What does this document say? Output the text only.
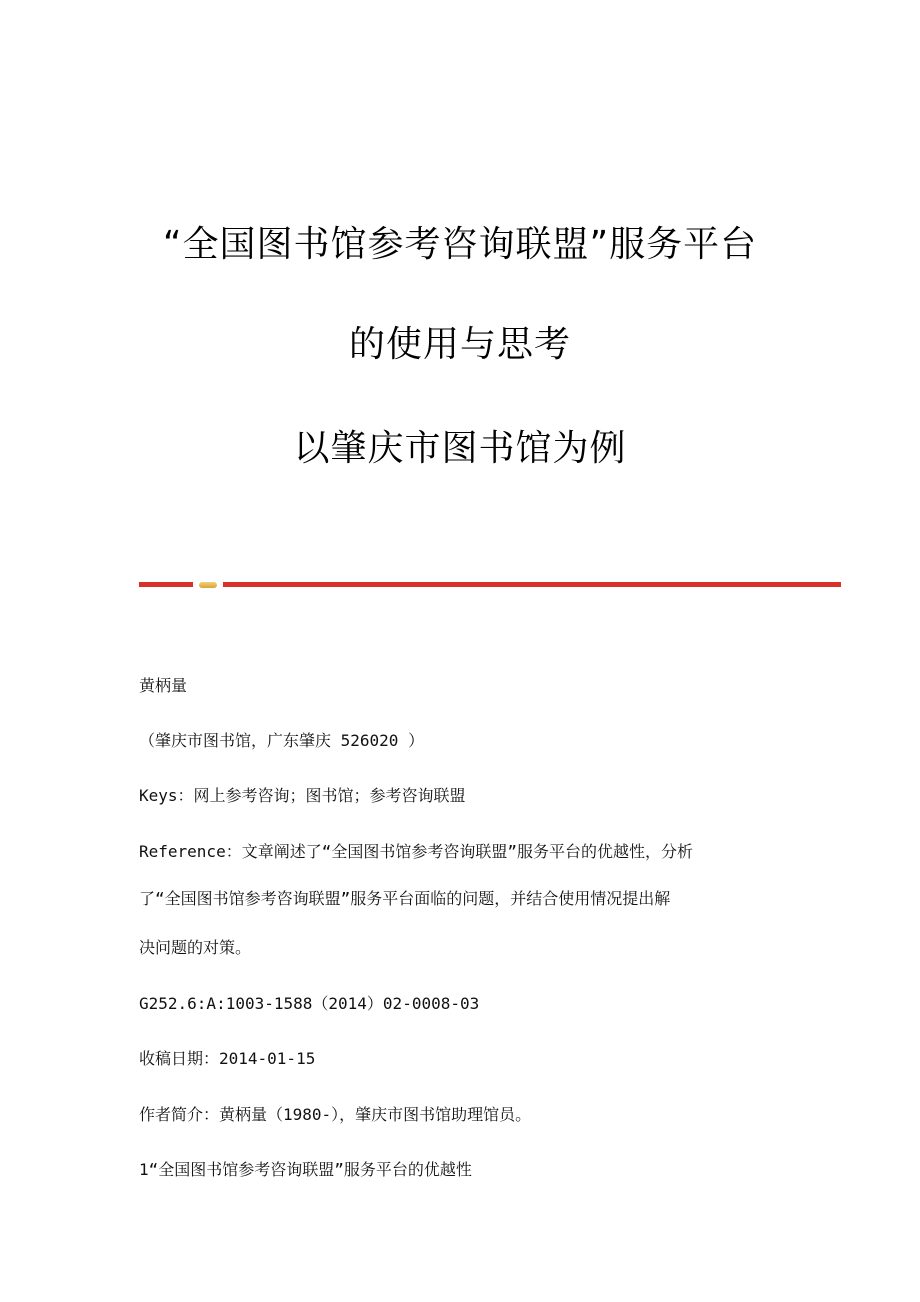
“全国图书馆参考咨询联盟”服务平台
的使用与思考
以肇庆市图书馆为例
黄柄量
（肇庆市图书馆，广东肇庆 526020 ）
Keys：网上参考咨询；图书馆；参考咨询联盟
Reference：文章阐述了“全国图书馆参考咨询联盟”服务平台的优越性，分析
了“全国图书馆参考咨询联盟”服务平台面临的问题，并结合使用情况提出解
决问题的对策。
G252.6:A:1003-1588（2014）02-0008-03
收稿日期：2014-01-15
作者简介：黄柄量（1980-），肇庆市图书馆助理馆员。
1“全国图书馆参考咨询联盟”服务平台的优越性
